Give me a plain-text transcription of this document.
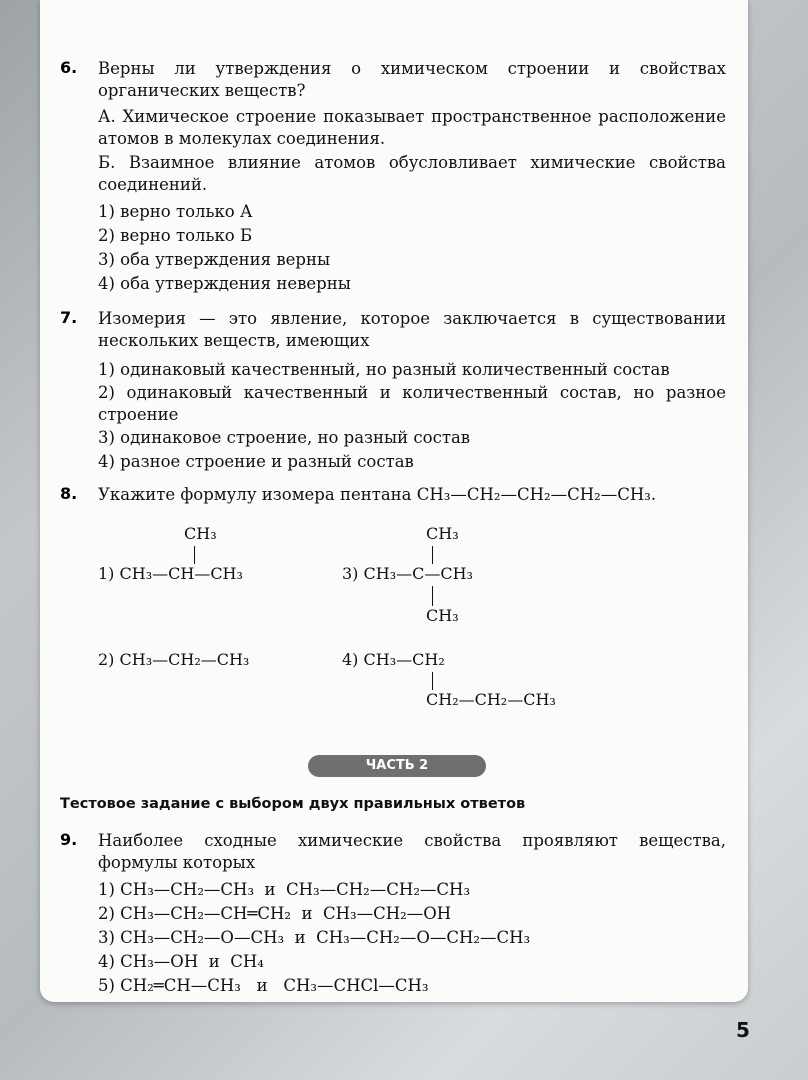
6. Верны ли утверждения о химическом строении и свойствах органических веществ?
А. Химическое строение показывает пространственное расположение атомов в молекулах соединения.
Б. Взаимное влияние атомов обусловливает химические свойства соединений.
1) верно только А
2) верно только Б
3) оба утверждения верны
4) оба утверждения неверны
7. Изомерия — это явление, которое заключается в существовании нескольких веществ, имеющих
1) одинаковый качественный, но разный количественный состав
2) одинаковый качественный и количественный состав, но разное строение
3) одинаковое строение, но разный состав
4) разное строение и разный состав
8. Укажите формулу изомера пентана CH₃—CH₂—CH₂—CH₂—CH₃.
CH₃
1) CH₃—CH—CH₃
CH₃
3) CH₃—C—CH₃
CH₃
2) CH₃—CH₂—CH₃	4) CH₃—CH₂
CH₂—CH₂—CH₃
ЧАСТЬ 2
Тестовое задание с выбором двух правильных ответов
9. Наиболее сходные химические свойства проявляют вещества, формулы которых
1) CH₃—CH₂—CH₃  и  CH₃—CH₂—CH₂—CH₃
2) CH₃—CH₂—CH═CH₂  и  CH₃—CH₂—OH
3) CH₃—CH₂—O—CH₃  и  CH₃—CH₂—O—CH₂—CH₃
4) CH₃—OH  и  CH₄
5) CH₂═CH—CH₃   и   CH₃—CHCl—CH₃
5
